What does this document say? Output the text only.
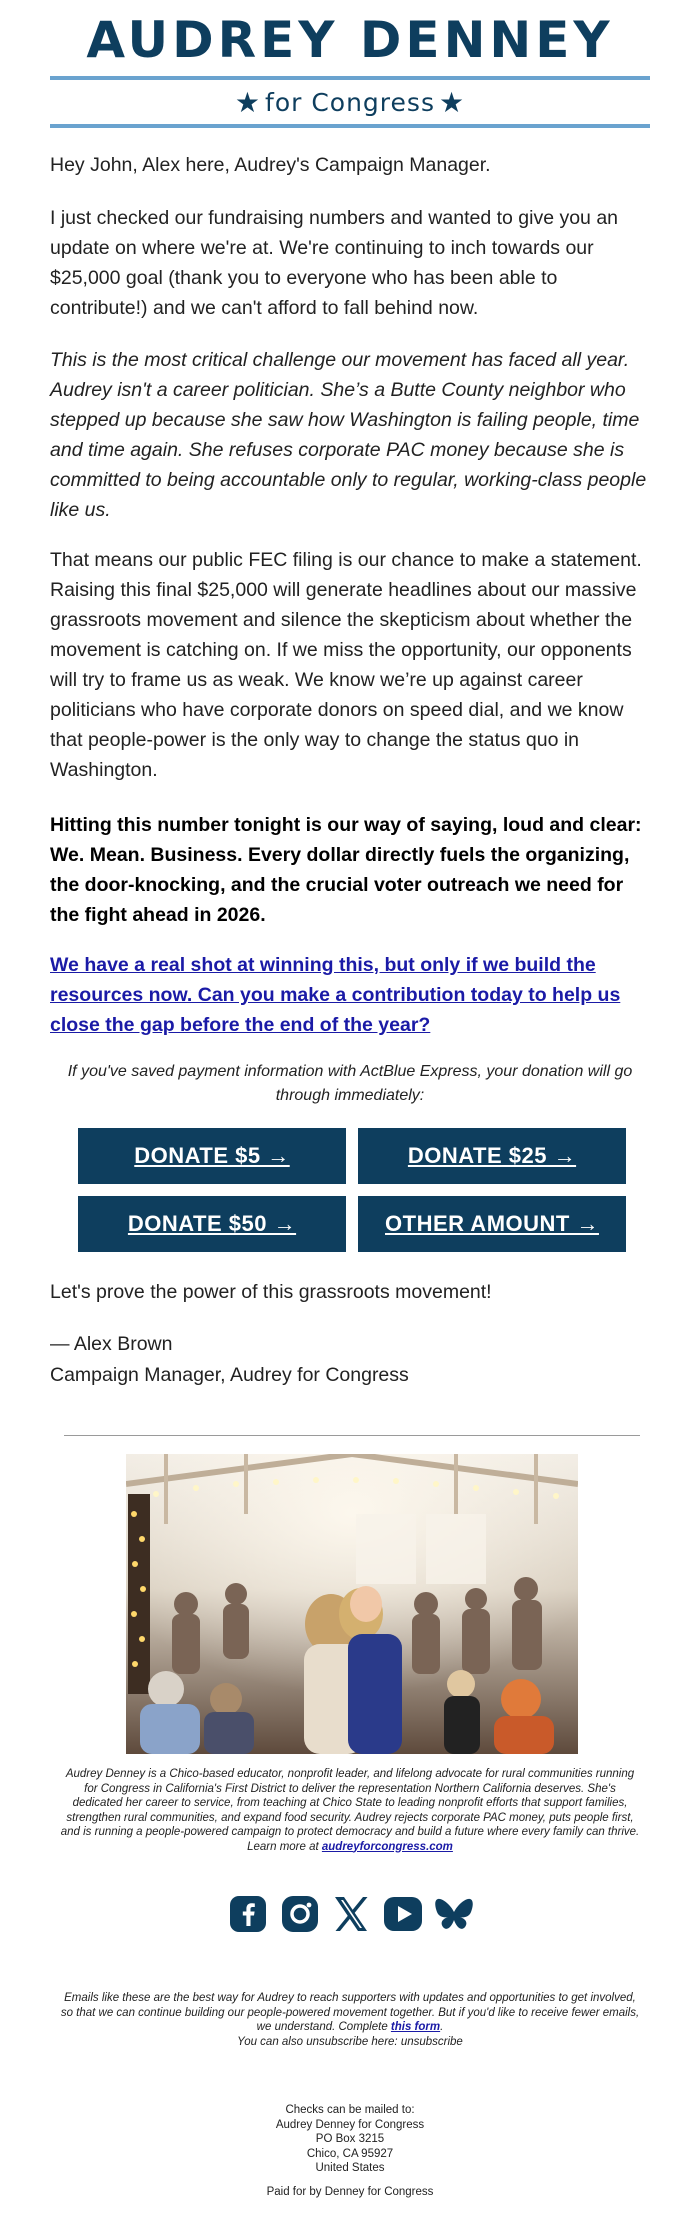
AUDREY DENNEY
★ for Congress ★

Hey John, Alex here, Audrey's Campaign Manager.

I just checked our fundraising numbers and wanted to give you an update on where we're at. We're continuing to inch towards our $25,000 goal (thank you to everyone who has been able to contribute!) and we can't afford to fall behind now.

This is the most critical challenge our movement has faced all year. Audrey isn't a career politician. She’s a Butte County neighbor who stepped up because she saw how Washington is failing people, time and time again. She refuses corporate PAC money because she is committed to being accountable only to regular, working-class people like us.

That means our public FEC filing is our chance to make a statement. Raising this final $25,000 will generate headlines about our massive grassroots movement and silence the skepticism about whether the movement is catching on. If we miss the opportunity, our opponents will try to frame us as weak. We know we’re up against career politicians who have corporate donors on speed dial, and we know that people-power is the only way to change the status quo in Washington.

Hitting this number tonight is our way of saying, loud and clear: We. Mean. Business. Every dollar directly fuels the organizing, the door-knocking, and the crucial voter outreach we need for the fight ahead in 2026.

We have a real shot at winning this, but only if we build the resources now. Can you make a contribution today to help us close the gap before the end of the year?

If you've saved payment information with ActBlue Express, your donation will go through immediately:

DONATE $5 →	DONATE $25 →
DONATE $50 →	OTHER AMOUNT →

Let's prove the power of this grassroots movement!

— Alex Brown

Campaign Manager, Audrey for Congress

Audrey Denney is a Chico-based educator, nonprofit leader, and lifelong advocate for rural communities running for Congress in California's First District to deliver the representation Northern California deserves. She's dedicated her career to service, from teaching at Chico State to leading nonprofit efforts that support families, strengthen rural communities, and expand food security. Audrey rejects corporate PAC money, puts people first, and is running a people-powered campaign to protect democracy and build a future where every family can thrive. Learn more at audreyforcongress.com

Emails like these are the best way for Audrey to reach supporters with updates and opportunities to get involved, so that we can continue building our people-powered movement together. But if you'd like to receive fewer emails, we understand. Complete this form.
You can also unsubscribe here: unsubscribe
Checks can be mailed to:
Audrey Denney for Congress
PO Box 3215
Chico, CA 95927
United States
Paid for by Denney for Congress
